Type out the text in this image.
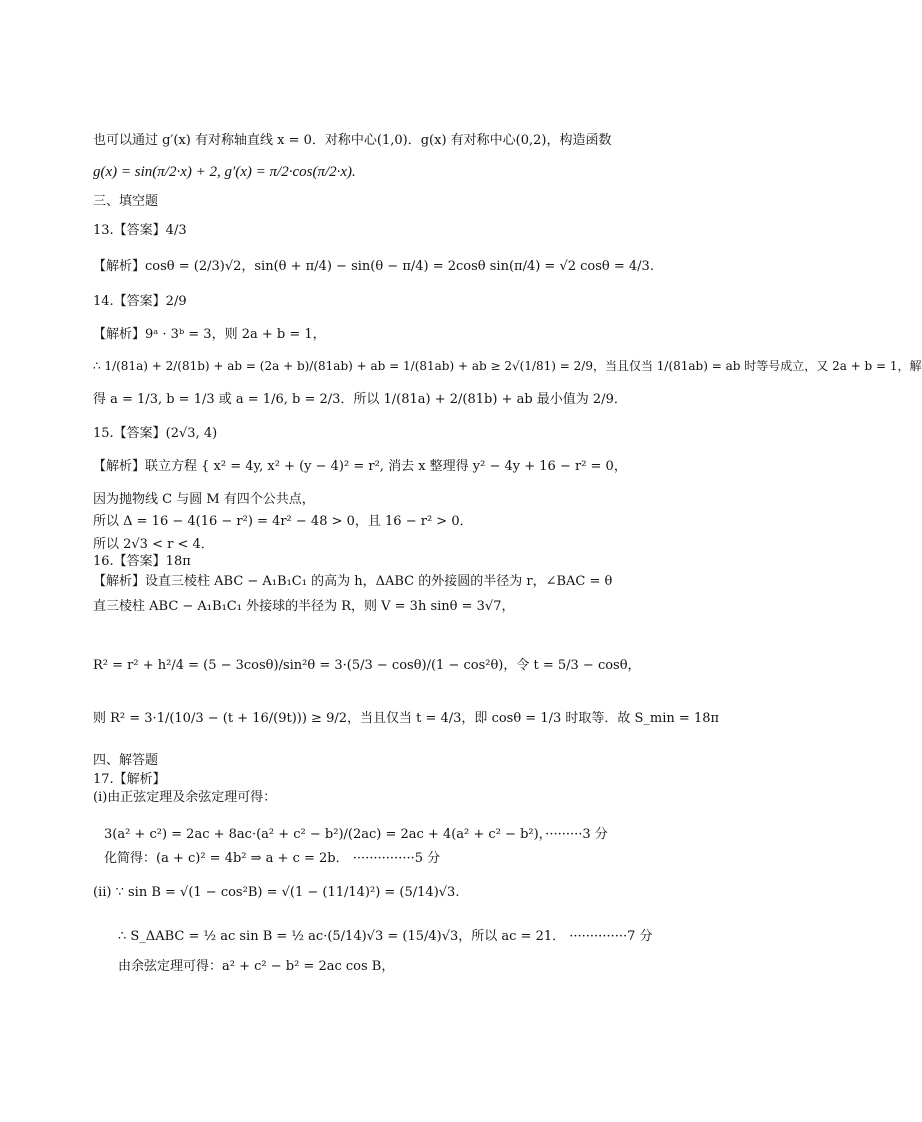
也可以通过 g′(x) 有对称轴直线 x = 0．对称中心(1,0)．g(x) 有对称中心(0,2)，构造函数
g(x) = sin(π/2·x) + 2, g′(x) = π/2·cos(π/2·x).
三、填空题
13.【答案】4/3
【解析】cosθ = (2/3)√2，sin(θ + π/4) − sin(θ − π/4) = 2cosθ sin(π/4) = √2 cosθ = 4/3.
14.【答案】2/9
【解析】9ᵃ · 3ᵇ = 3，则 2a + b = 1，
∴ 1/(81a) + 2/(81b) + ab = (2a + b)/(81ab) + ab = 1/(81ab) + ab ≥ 2√(1/81) = 2/9，当且仅当 1/(81ab) = ab 时等号成立，又 2a + b = 1，解
得 a = 1/3, b = 1/3 或 a = 1/6, b = 2/3．所以 1/(81a) + 2/(81b) + ab 最小值为 2/9．
15.【答案】(2√3, 4)
【解析】联立方程 { x² = 4y, x² + (y − 4)² = r², 消去 x 整理得 y² − 4y + 16 − r² = 0，
因为抛物线 C 与圆 M 有四个公共点，
所以 Δ = 16 − 4(16 − r²) = 4r² − 48 > 0，且 16 − r² > 0．
所以 2√3 < r < 4．
16.【答案】18π
【解析】设直三棱柱 ABC − A₁B₁C₁ 的高为 h，ΔABC 的外接圆的半径为 r，∠BAC = θ
直三棱柱 ABC − A₁B₁C₁ 外接球的半径为 R，则 V = 3h sinθ = 3√7，
R² = r² + h²/4 = (5 − 3cosθ)/sin²θ = 3·(5/3 − cosθ)/(1 − cos²θ)，令 t = 5/3 − cosθ，
则 R² = 3·1/(10/3 − (t + 16/(9t))) ≥ 9/2，当且仅当 t = 4/3，即 cosθ = 1/3 时取等．故 S_min = 18π
四、解答题
17.【解析】
(ⅰ)由正弦定理及余弦定理可得：
3(a² + c²) = 2ac + 8ac·(a² + c² − b²)/(2ac) = 2ac + 4(a² + c² − b²)，·········3 分
化简得：(a + c)² = 4b² ⇒ a + c = 2b． ···············5 分
(ⅱ) ∵ sin B = √(1 − cos²B) = √(1 − (11/14)²) = (5/14)√3.
∴ S_ΔABC = ½ ac sin B = ½ ac·(5/14)√3 = (15/4)√3，所以 ac = 21． ··············7 分
由余弦定理可得：a² + c² − b² = 2ac cos B，
